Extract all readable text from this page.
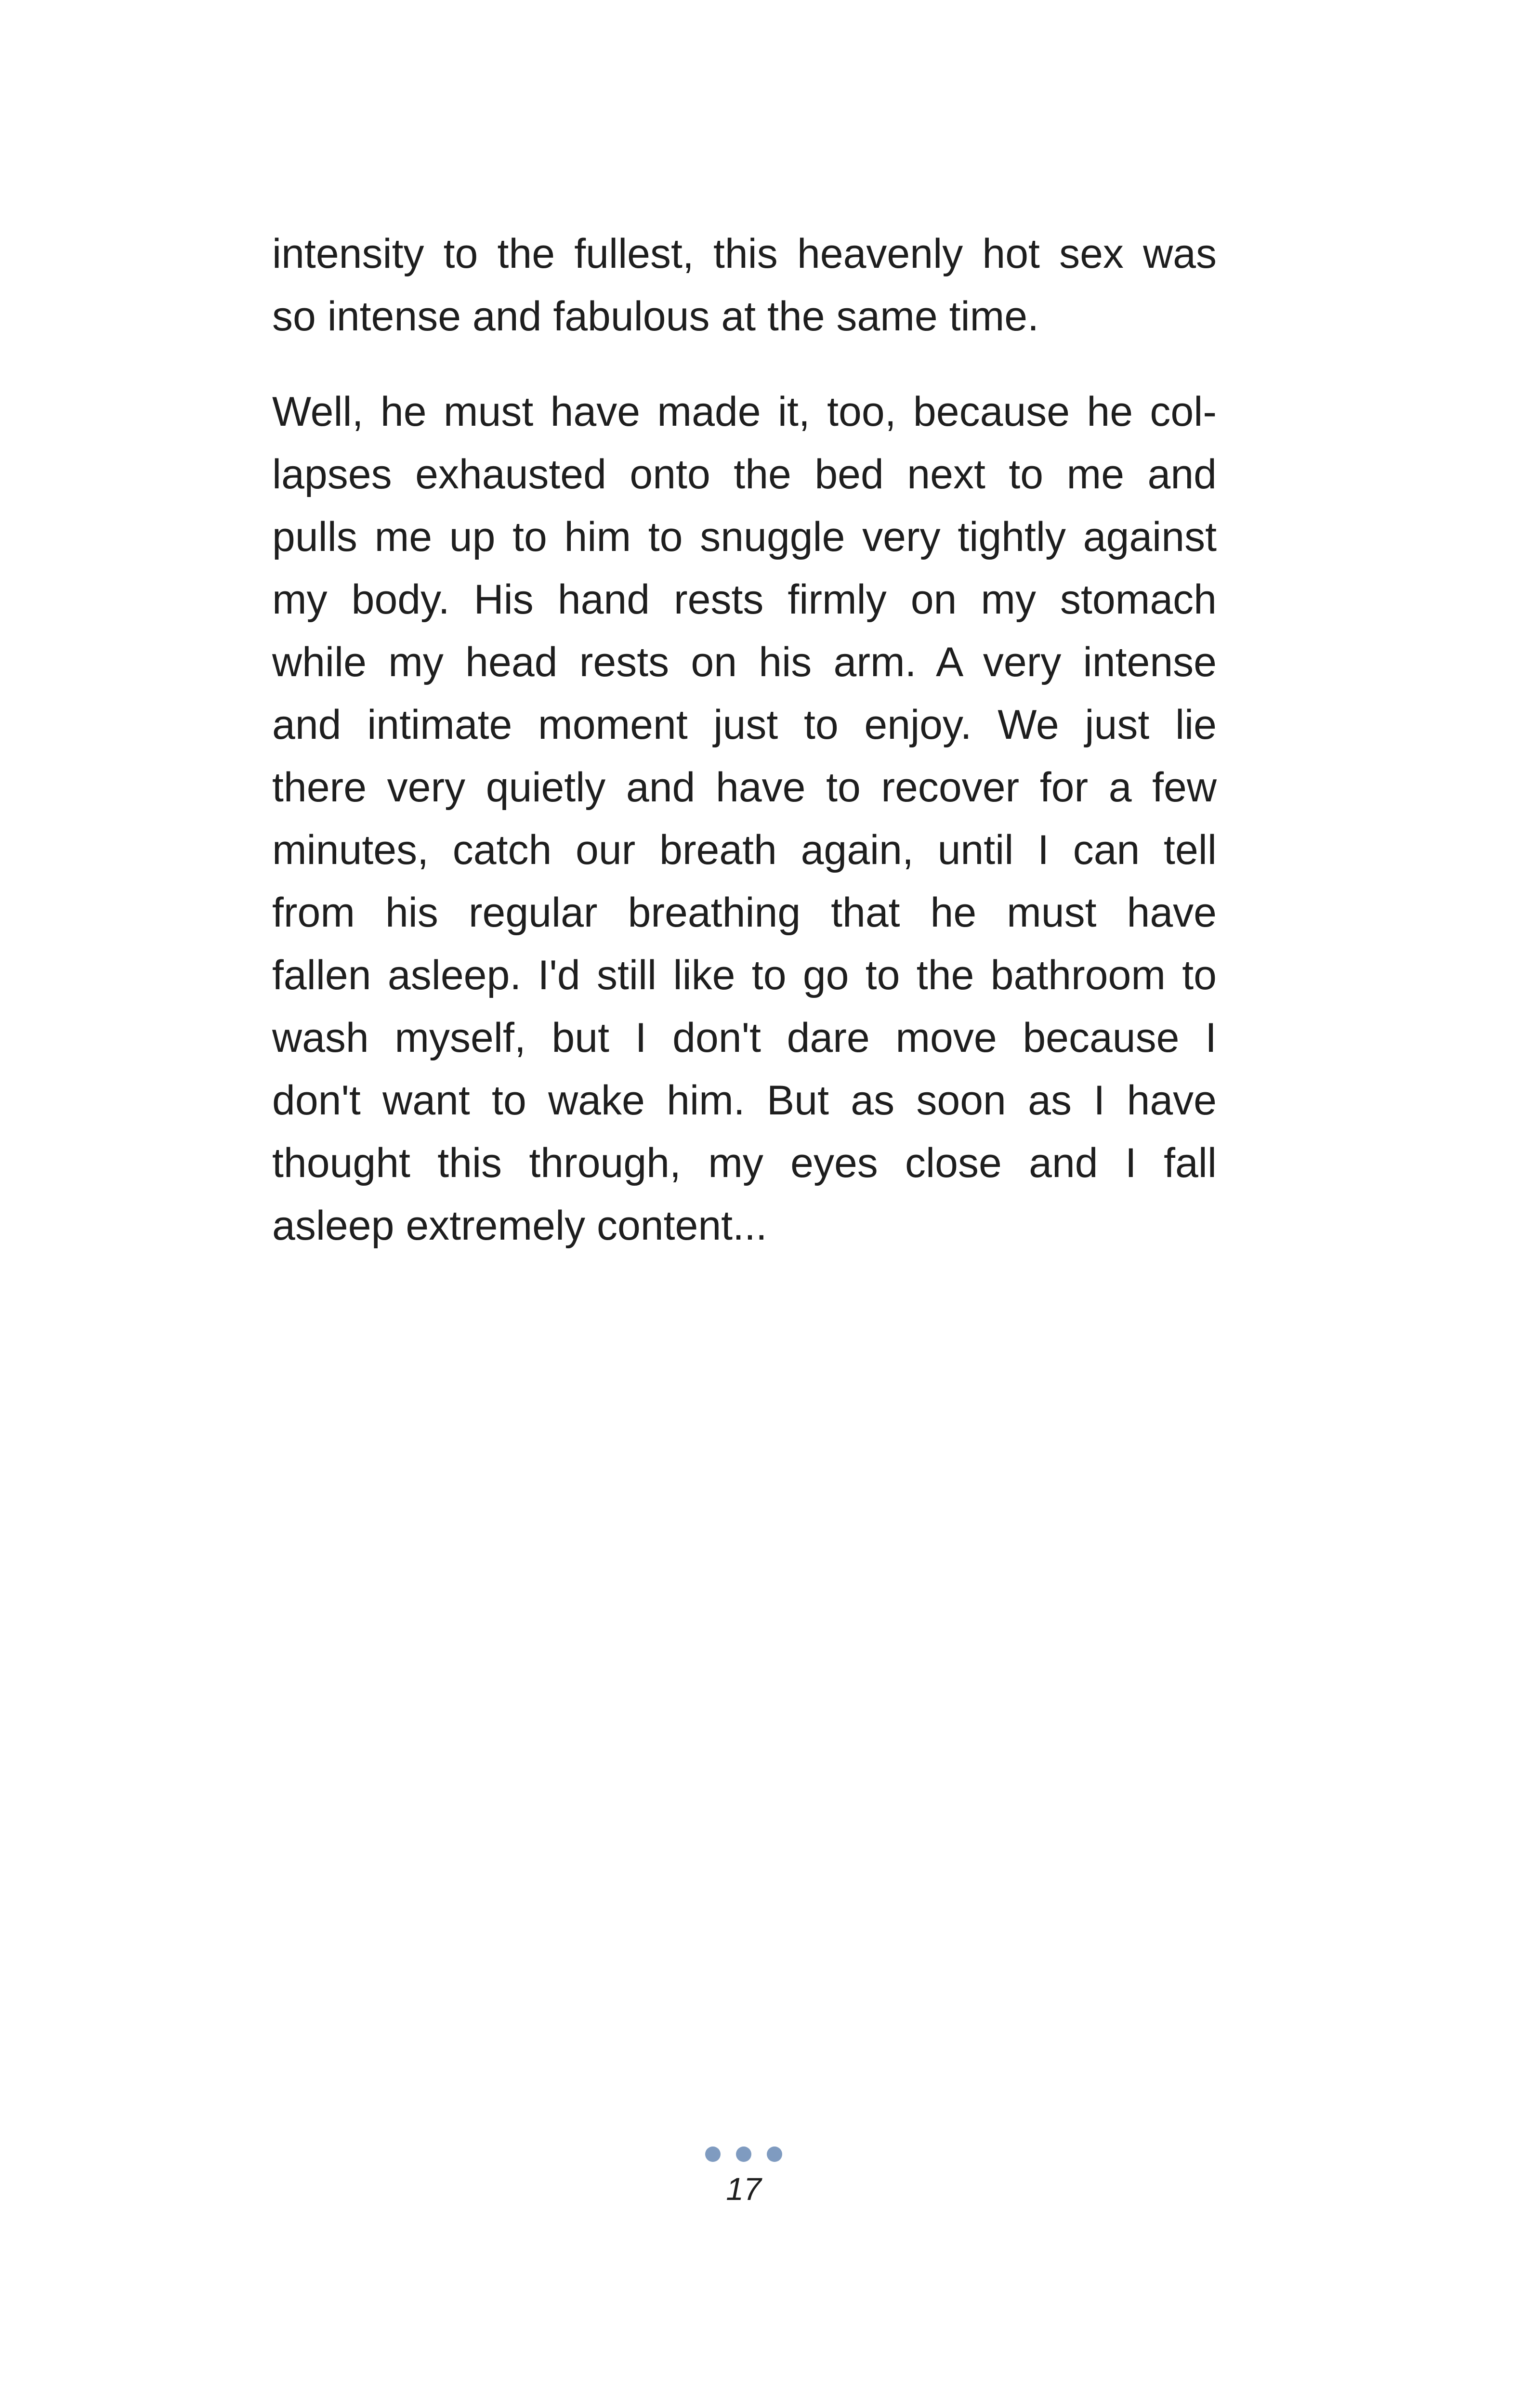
intensity to the fullest, this heavenly hot sex was
so intense and fabulous at the same time.

Well, he must have made it, too, because he col-
lapses exhausted onto the bed next to me and
pulls me up to him to snuggle very tightly against
my body. His hand rests firmly on my stomach
while my head rests on his arm. A very intense
and intimate moment just to enjoy. We just lie
there very quietly and have to recover for a few
minutes, catch our breath again, until I can tell
from his regular breathing that he must have
fallen asleep. I'd still like to go to the bathroom to
wash myself, but I don't dare move because I
don't want to wake him. But as soon as I have
thought this through, my eyes close and I fall
asleep extremely content...

17
